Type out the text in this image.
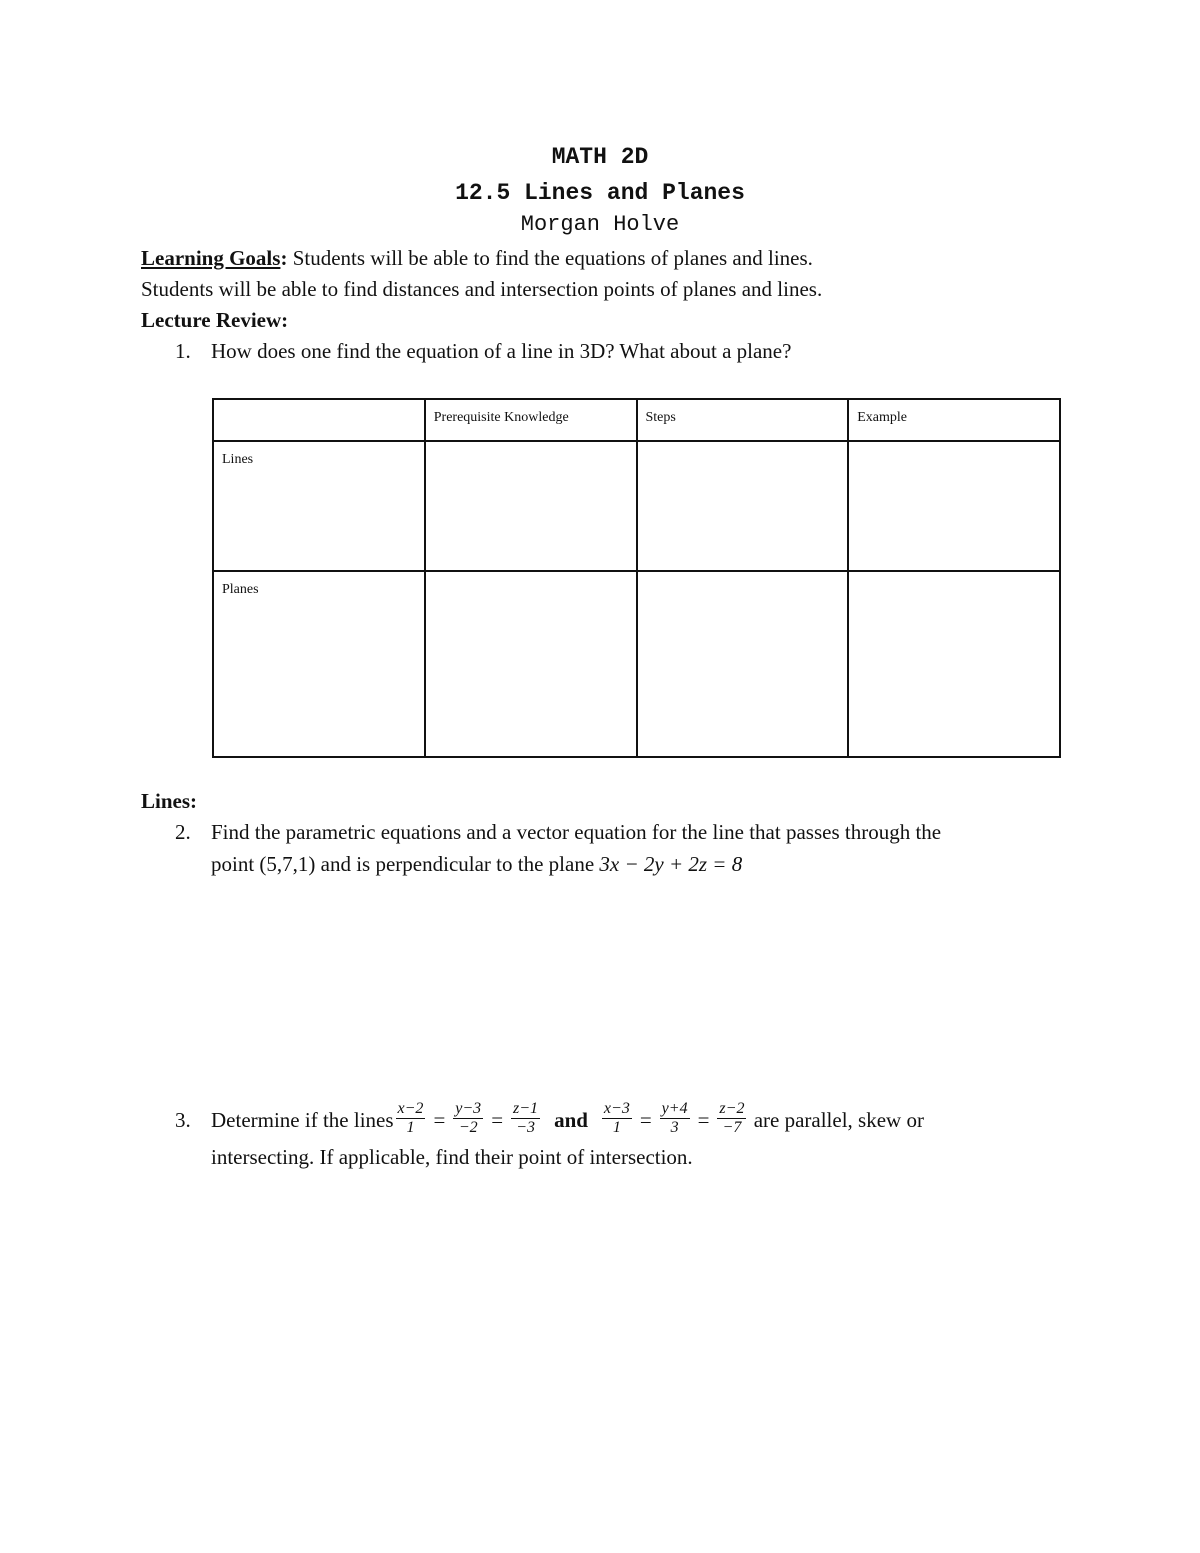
MATH 2D
12.5 Lines and Planes
Morgan Holve
Learning Goals: Students will be able to find the equations of planes and lines.
Students will be able to find distances and intersection points of planes and lines.
Lecture Review:
1. How does one find the equation of a line in 3D? What about a plane?
	Prerequisite Knowledge	Steps	Example
Lines			
Planes			
Lines:
2. Find the parametric equations and a vector equation for the line that passes through the
point (5,7,1) and is perpendicular to the plane 3x − 2y + 2z = 8
3. Determine if the lines $\frac{x-2}{1} = \frac{y-3}{-2} = \frac{z-1}{-3}$ and $\frac{x-3}{1} = \frac{y+4}{3} = \frac{z-2}{-7}$ are parallel, skew or
intersecting. If applicable, find their point of intersection.
